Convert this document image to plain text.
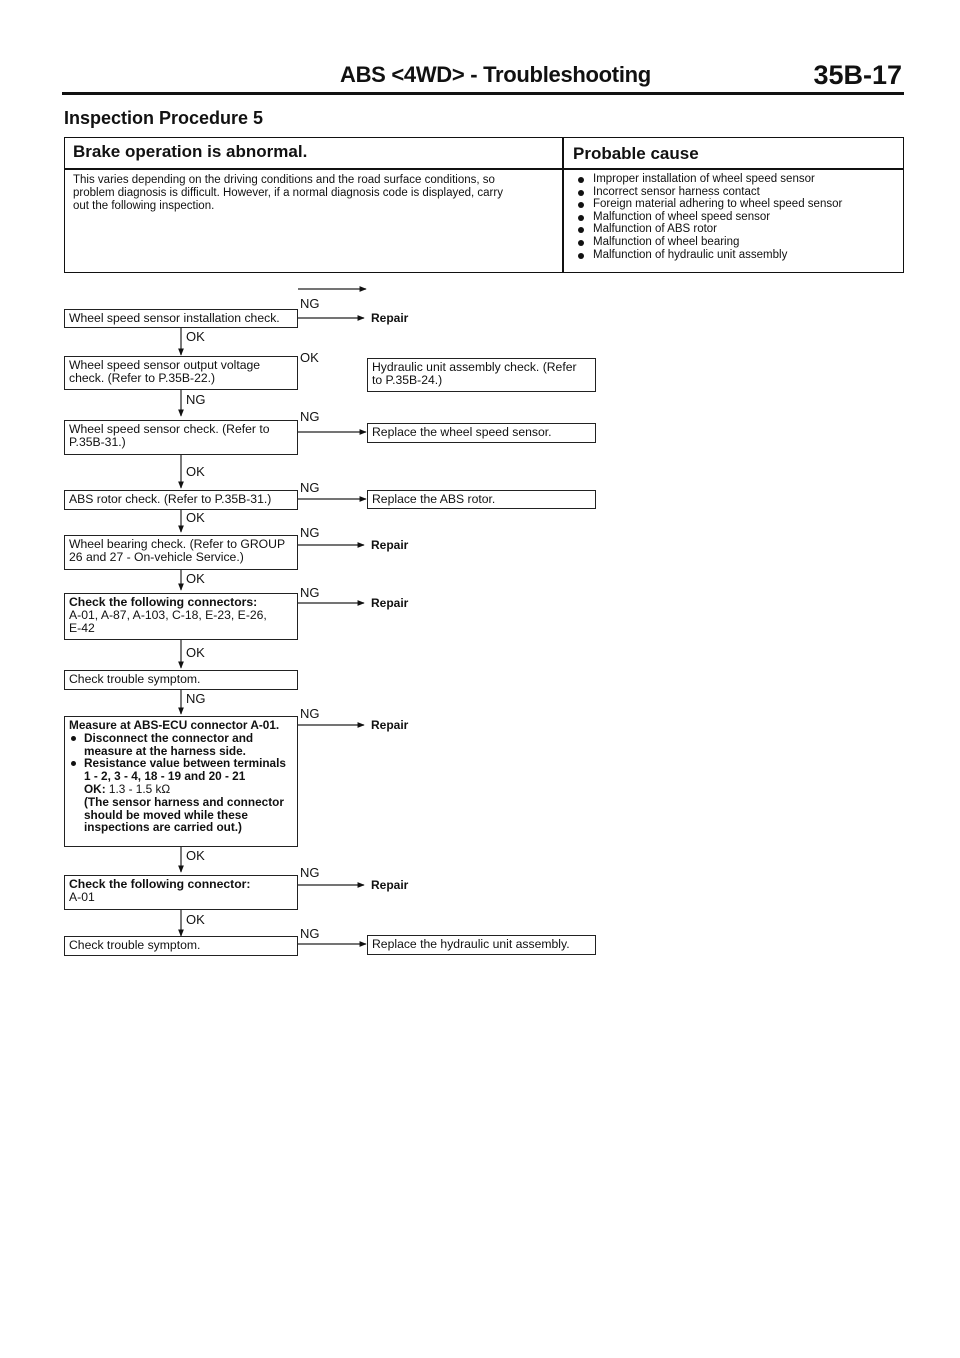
ABS <4WD> - Troubleshooting	35B-17
Inspection Procedure 5
Brake operation is abnormal.	Probable cause
This varies depending on the driving conditions and the road surface conditions, so
problem diagnosis is difficult. However, if a normal diagnosis code is displayed, carry
out the following inspection.
Improper installation of wheel speed sensor
Incorrect sensor harness contact
Foreign material adhering to wheel speed sensor
Malfunction of wheel speed sensor
Malfunction of ABS rotor
Malfunction of wheel bearing
Malfunction of hydraulic unit assembly
Wheel speed sensor installation check.
Wheel speed sensor output voltage
check. (Refer to P.35B-22.)
Wheel speed sensor check. (Refer to
P.35B-31.)
ABS rotor check. (Refer to P.35B-31.)
Wheel bearing check. (Refer to GROUP
26 and 27 - On-vehicle Service.)
Check the following connectors:
A-01, A-87, A-103, C-18, E-23, E-26,
E-42
Check trouble symptom.
Measure at ABS-ECU connector A-01.
Disconnect the connector and
measure at the harness side.
Resistance value between terminals
1 - 2, 3 - 4, 18 - 19 and 20 - 21
OK: 1.3 - 1.5 kΩ
(The sensor harness and connector
should be moved while these
inspections are carried out.)
Check the following connector:
A-01
Check trouble symptom.
Hydraulic unit assembly check. (Refer
to P.35B-24.)
Replace the wheel speed sensor.
Replace the ABS rotor.
Replace the hydraulic unit assembly.
Repair
Repair
Repair
Repair
Repair
NG
OK
OK
NG
NG
OK
NG
OK
NG
OK
NG
OK
NG
NG
OK
NG
OK
NG
